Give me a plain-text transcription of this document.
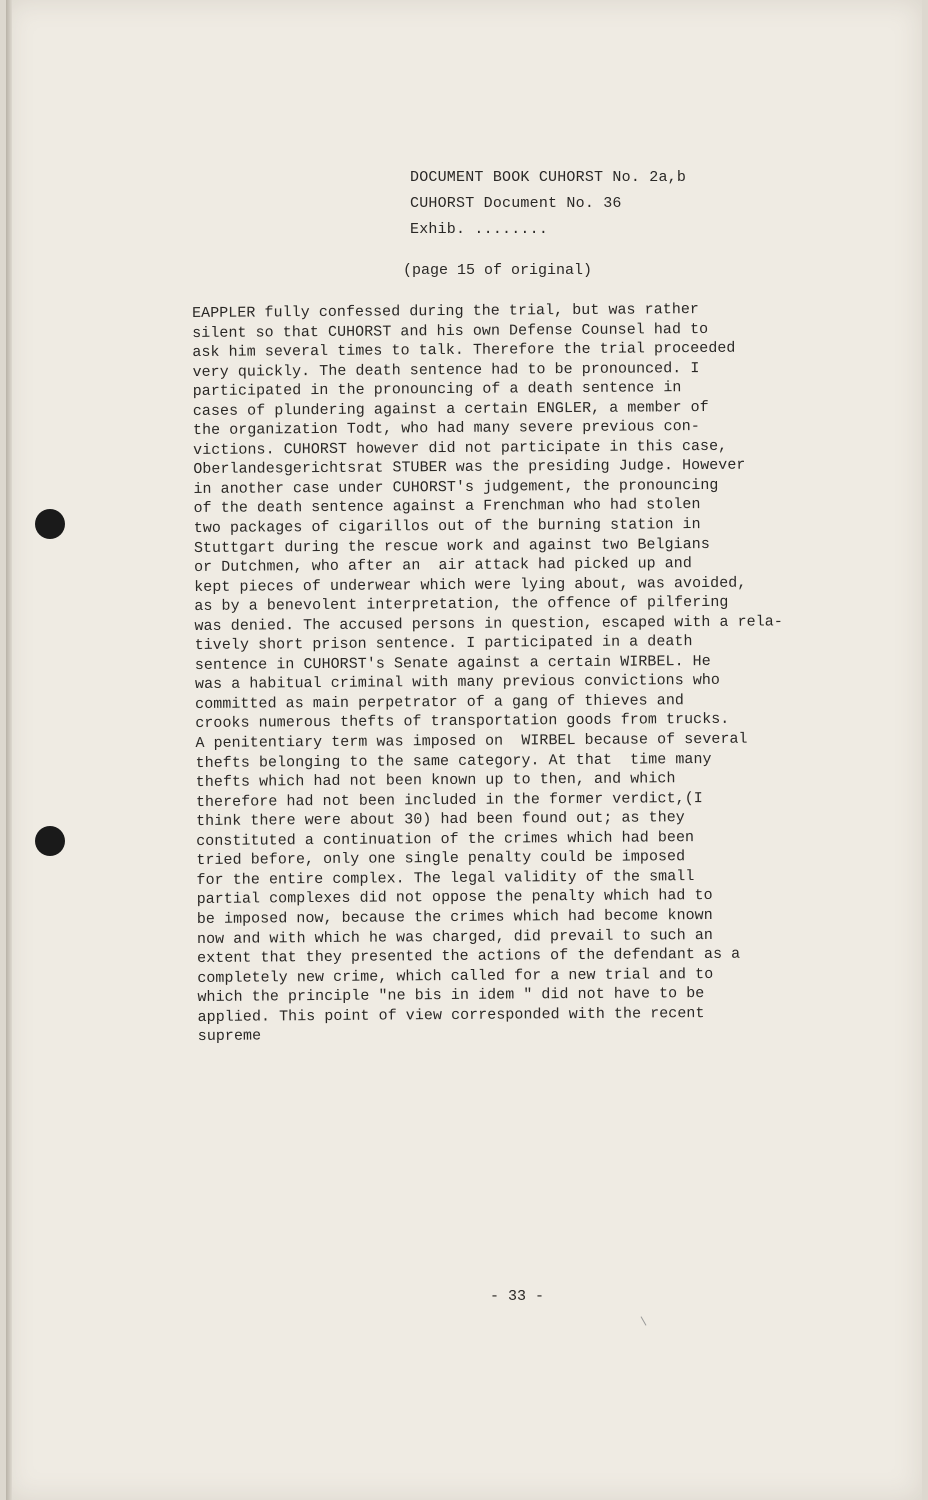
DOCUMENT BOOK CUHORST No. 2a,b
CUHORST Document No. 36
Exhib. ........
(page 15 of original)
EAPPLER fully confessed during the trial, but was rather
silent so that CUHORST and his own Defense Counsel had to
ask him several times to talk. Therefore the trial proceeded
very quickly. The death sentence had to be pronounced. I
participated in the pronouncing of a death sentence in
cases of plundering against a certain ENGLER, a member of
the organization Todt, who had many severe previous con-
victions. CUHORST however did not participate in this case,
Oberlandesgerichtsrat STUBER was the presiding Judge. However
in another case under CUHORST's judgement, the pronouncing
of the death sentence against a Frenchman who had stolen
two packages of cigarillos out of the burning station in
Stuttgart during the rescue work and against two Belgians
or Dutchmen, who after an  air attack had picked up and
kept pieces of underwear which were lying about, was avoided,
as by a benevolent interpretation, the offence of pilfering
was denied. The accused persons in question, escaped with a rela-
tively short prison sentence. I participated in a death
sentence in CUHORST's Senate against a certain WIRBEL. He
was a habitual criminal with many previous convictions who
committed as main perpetrator of a gang of thieves and
crooks numerous thefts of transportation goods from trucks.
A penitentiary term was imposed on  WIRBEL because of several
thefts belonging to the same category. At that  time many
thefts which had not been known up to then, and which
therefore had not been included in the former verdict,(I
think there were about 30) had been found out; as they
constituted a continuation of the crimes which had been
tried before, only one single penalty could be imposed
for the entire complex. The legal validity of the small
partial complexes did not oppose the penalty which had to
be imposed now, because the crimes which had become known
now and with which he was charged, did prevail to such an
extent that they presented the actions of the defendant as a
completely new crime, which called for a new trial and to
which the principle "ne bis in idem " did not have to be
applied. This point of view corresponded with the recent
supreme
- 33 -
